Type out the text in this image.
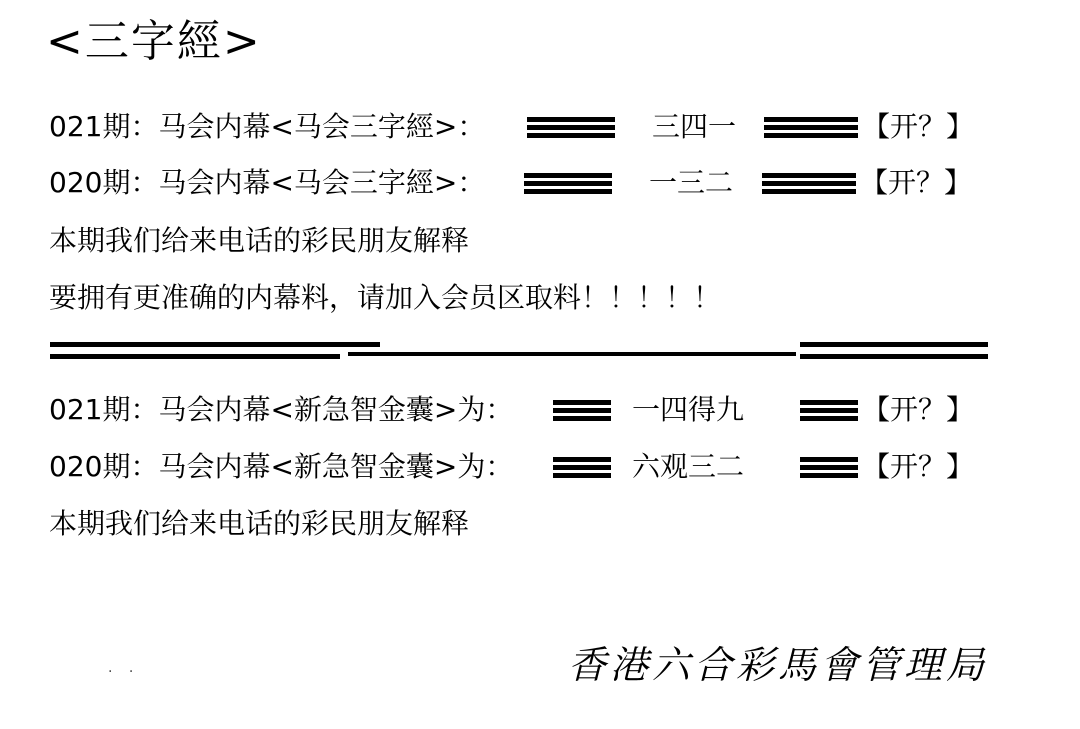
<三字經>
021期：马会内幕<马会三字經>：	三四一	【开？】
020期：马会内幕<马会三字經>：	一三二	【开？】
本期我们给来电话的彩民朋友解释
要拥有更准确的内幕料，请加入会员区取料！！！！！
021期：马会内幕<新急智金囊>为：	一四得九	【开？】
020期：马会内幕<新急智金囊>为：	六观三二	【开？】
本期我们给来电话的彩民朋友解释
. .	香港六合彩馬會管理局
